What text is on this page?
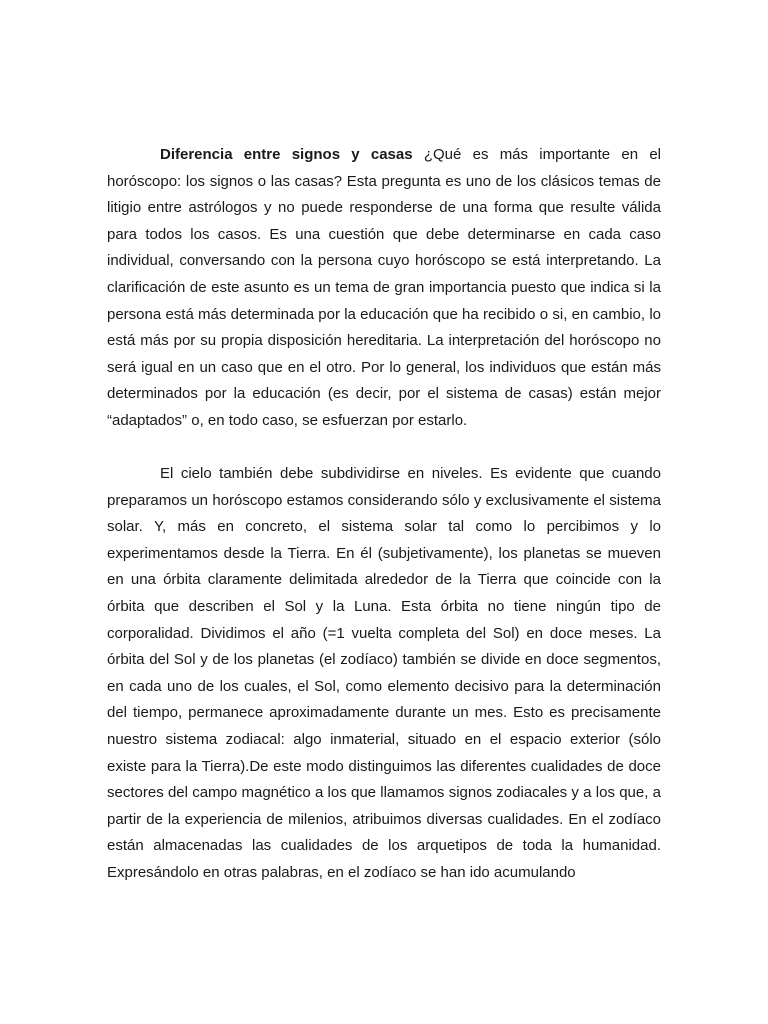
Diferencia entre signos y casas ¿Qué es más importante en el horóscopo: los signos o las casas? Esta pregunta es uno de los clásicos temas de litigio entre astrólogos y no puede responderse de una forma que resulte válida para todos los casos. Es una cuestión que debe determinarse en cada caso individual, conversando con la persona cuyo horóscopo se está interpretando. La clarificación de este asunto es un tema de gran importancia puesto que indica si la persona está más determinada por la educación que ha recibido o si, en cambio, lo está más por su propia disposición hereditaria. La interpretación del horóscopo no será igual en un caso que en el otro. Por lo general, los individuos que están más determinados por la educación (es decir, por el sistema de casas) están mejor “adaptados” o, en todo caso, se esfuerzan por estarlo.

El cielo también debe subdividirse en niveles. Es evidente que cuando preparamos un horóscopo estamos considerando sólo y exclusivamente el sistema solar. Y, más en concreto, el sistema solar tal como lo percibimos y lo experimentamos desde la Tierra. En él (subjetivamente), los planetas se mueven en una órbita claramente delimitada alrededor de la Tierra que coincide con la órbita que describen el Sol y la Luna. Esta órbita no tiene ningún tipo de corporalidad. Dividimos el año (=1 vuelta completa del Sol) en doce meses. La órbita del Sol y de los planetas (el zodíaco) también se divide en doce segmentos, en cada uno de los cuales, el Sol, como elemento decisivo para la determinación del tiempo, permanece aproximadamente durante un mes. Esto es precisamente nuestro sistema zodiacal: algo inmaterial, situado en el espacio exterior (sólo existe para la Tierra).De este modo distinguimos las diferentes cualidades de doce sectores del campo magnético a los que llamamos signos zodiacales y a los que, a partir de la experiencia de milenios, atribuimos diversas cualidades. En el zodíaco están almacenadas las cualidades de los arquetipos de toda la humanidad. Expresándolo en otras palabras, en el zodíaco se han ido acumulando
